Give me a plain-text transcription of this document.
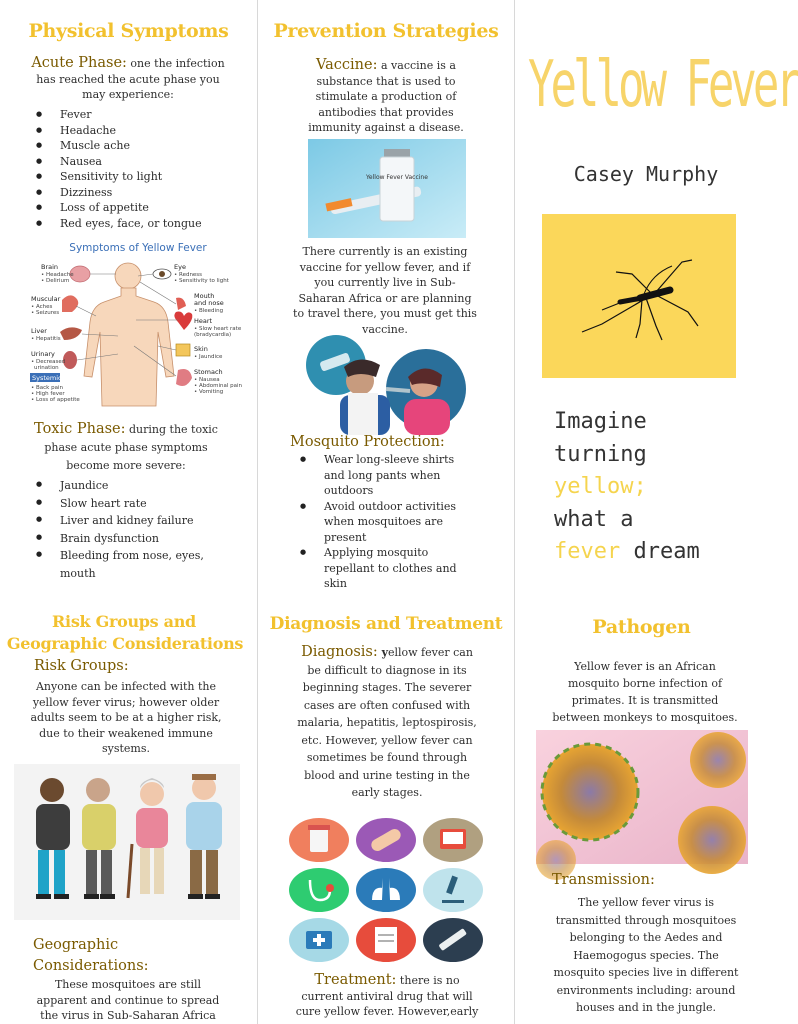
Physical Symptoms
Acute Phase: one the infection has reached the acute phase you may experience:
● Fever
● Headache
● Muscle ache
● Nausea
● Sensitivity to light
● Dizziness
● Loss of appetite
● Red eyes, face, or tongue
Symptoms of Yellow Fever
Brain
• Headache
• Delirium
Muscular
• Aches
• Seizures
Liver
• Hepatitis
Urinary
• Decreased
urination
Systemic
• Back pain
• High fever
• Loss of appetite
Eye
• Redness
• Sensitivity to light
Mouth
and nose
• Bleeding
Heart
• Slow heart rate
(bradycardia)
Skin
• Jaundice
Stomach
• Nausea
• Abdominal pain
• Vomiting
Toxic Phase: during the toxic phase acute phase symptoms become more severe:
● Jaundice
● Slow heart rate
● Liver and kidney failure
● Brain dysfunction
● Bleeding from nose, eyes, mouth
Risk Groups and
Geographic Considerations
Risk Groups:
Anyone can be infected with the yellow fever virus; however older adults seem to be at a higher risk, due to their weakened immune systems.
Geographic
Considerations:
These mosquitoes are still apparent and continue to spread the virus in Sub-Saharan Africa
Prevention Strategies
Vaccine: a vaccine is a substance that is used to stimulate a production of antibodies that provides immunity against a disease.
Yellow Fever Vaccine
There currently is an existing vaccine for yellow fever, and if you currently live in Sub-Saharan Africa or are planning to travel there, you must get this vaccine.
Mosquito Protection:
● Wear long-sleeve shirts and long pants when outdoors
● Avoid outdoor activities when mosquitoes are present
● Applying mosquito repellant to clothes and skin
Diagnosis and Treatment
Diagnosis: yellow fever can be difficult to diagnose in its beginning stages. The severer cases are often confused with malaria, hepatitis, leptospirosis, etc. However, yellow fever can sometimes be found through blood and urine testing in the early stages.
Treatment: there is no current antiviral drug that will cure yellow fever. However,early
Yellow Fever
Casey Murphy
Imagine
turning
yellow;
what a
fever dream
Pathogen
Yellow fever is an African mosquito borne infection of primates. It is transmitted between monkeys to mosquitoes.
Transmission:
The yellow fever virus is transmitted through mosquitoes belonging to the Aedes and Haemogogus species. The mosquito species live in different environments including: around houses and in the jungle.
